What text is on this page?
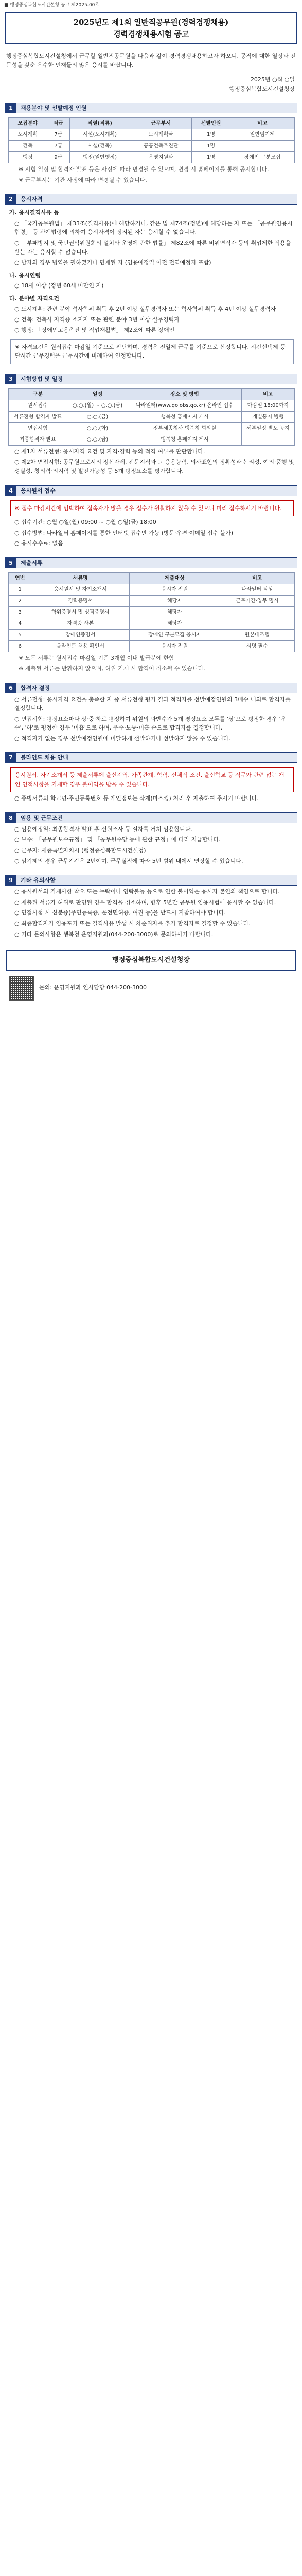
■ 행정중심복합도시건설청 공고 제2025-00호
2025년도 제1회 일반직공무원(경력경쟁채용)
경력경쟁채용시험 공고
행정중심복합도시건설청에서 근무할 일반직공무원을 다음과 같이 경력경쟁채용하고자 하오니, 공직에 대한 열정과 전문성을 갖춘 우수한 인재들의 많은 응시를 바랍니다.
2025년 ○월 ○일
행정중심복합도시건설청장
1	채용분야 및 선발예정 인원
모집분야	직급	직렬(직류)	근무부서	선발인원	비고
도시계획	7급	시설(도시계획)	도시계획국	1명	일반임기제
건축	7급	시설(건축)	공공건축추진단	1명	
행정	9급	행정(일반행정)	운영지원과	1명	장애인 구분모집
※ 시험 일정 및 합격자 발표 등은 사정에 따라 변경될 수 있으며, 변경 시 홈페이지를 통해 공지합니다.
※ 근무부서는 기관 사정에 따라 변경될 수 있습니다.
2	응시자격
가. 응시결격사유 등
○ 「국가공무원법」 제33조(결격사유)에 해당하거나, 같은 법 제74조(정년)에 해당하는 자 또는 「공무원임용시험령」 등 관계법령에 의하여 응시자격이 정지된 자는 응시할 수 없습니다.
○ 「부패방지 및 국민권익위원회의 설치와 운영에 관한 법률」 제82조에 따른 비위면직자 등의 취업제한 적용을 받는 자는 응시할 수 없습니다.
○ 남자의 경우 병역을 필하였거나 면제된 자 (임용예정일 이전 전역예정자 포함)
나. 응시연령
○ 18세 이상 (정년 60세 미만인 자)
다. 분야별 자격요건
○ 도시계획: 관련 분야 석사학위 취득 후 2년 이상 실무경력자 또는 학사학위 취득 후 4년 이상 실무경력자
○ 건축: 건축사 자격증 소지자 또는 관련 분야 3년 이상 실무경력자
○ 행정: 「장애인고용촉진 및 직업재활법」 제2조에 따른 장애인
※ 자격요건은 원서접수 마감일 기준으로 판단하며, 경력은 전일제 근무를 기준으로 산정합니다. 시간선택제 등 단시간 근무경력은 근무시간에 비례하여 인정합니다.
3	시험방법 및 일정
구분	일정	장소 및 방법	비고
원서접수	○.○.(월) ~ ○.○.(금)	나라일터(www.gojobs.go.kr) 온라인 접수	마감일 18:00까지
서류전형 합격자 발표	○.○.(금)	행복청 홈페이지 게시	개별통지 병행
면접시험	○.○.(화)	정부세종청사 행복청 회의실	세부일정 별도 공지
최종합격자 발표	○.○.(금)	행복청 홈페이지 게시	
○ 제1차 서류전형: 응시자격 요건 및 자격·경력 등의 적격 여부를 판단합니다.
○ 제2차 면접시험: 공무원으로서의 정신자세, 전문지식과 그 응용능력, 의사표현의 정확성과 논리성, 예의·품행 및 성실성, 창의력·의지력 및 발전가능성 등 5개 평정요소를 평가합니다.
4	응시원서 접수
※ 접수 마감시간에 임박하여 접속자가 많을 경우 접수가 원활하지 않을 수 있으니 미리 접수하시기 바랍니다.
○ 접수기간: ○월 ○일(월) 09:00 ~ ○월 ○일(금) 18:00
○ 접수방법: 나라일터 홈페이지를 통한 인터넷 접수만 가능 (방문·우편·이메일 접수 불가)
○ 응시수수료: 없음
5	제출서류
연번	서류명	제출대상	비고
1	응시원서 및 자기소개서	응시자 전원	나라일터 작성
2	경력증명서	해당자	근무기간·업무 명시
3	학위증명서 및 성적증명서	해당자	
4	자격증 사본	해당자	
5	장애인증명서	장애인 구분모집 응시자	원본대조필
6	블라인드 채용 확인서	응시자 전원	서명 필수
※ 모든 서류는 원서접수 마감일 기준 3개월 이내 발급분에 한함
※ 제출된 서류는 반환하지 않으며, 허위 기재 시 합격이 취소될 수 있습니다.
6	합격자 결정
○ 서류전형: 응시자격 요건을 충족한 자 중 서류전형 평가 결과 적격자를 선발예정인원의 3배수 내외로 합격자를 결정합니다.
○ 면접시험: 평정요소마다 상·중·하로 평정하여 위원의 과반수가 5개 평정요소 모두를 '상'으로 평정한 경우 '우수', '하'로 평정한 경우 '미흡'으로 하며, 우수·보통·미흡 순으로 합격자를 결정합니다.
○ 적격자가 없는 경우 선발예정인원에 미달하게 선발하거나 선발하지 않을 수 있습니다.
7	블라인드 채용 안내
응시원서, 자기소개서 등 제출서류에 출신지역, 가족관계, 학력, 신체적 조건, 출신학교 등 직무와 관련 없는 개인 인적사항을 기재할 경우 불이익을 받을 수 있습니다.
○ 증빙서류의 학교명·주민등록번호 등 개인정보는 삭제(마스킹) 처리 후 제출하여 주시기 바랍니다.
8	임용 및 근무조건
○ 임용예정일: 최종합격자 발표 후 신원조사 등 절차를 거쳐 임용합니다.
○ 보수: 「공무원보수규정」 및 「공무원수당 등에 관한 규정」에 따라 지급합니다.
○ 근무지: 세종특별자치시 (행정중심복합도시건설청)
○ 임기제의 경우 근무기간은 2년이며, 근무실적에 따라 5년 범위 내에서 연장할 수 있습니다.
9	기타 유의사항
○ 응시원서의 기재사항 착오 또는 누락이나 연락불능 등으로 인한 불이익은 응시자 본인의 책임으로 합니다.
○ 제출된 서류가 허위로 판명된 경우 합격을 취소하며, 향후 5년간 공무원 임용시험에 응시할 수 없습니다.
○ 면접시험 시 신분증(주민등록증, 운전면허증, 여권 등)을 반드시 지참하여야 합니다.
○ 최종합격자가 임용포기 또는 결격사유 발생 시 차순위자를 추가 합격자로 결정할 수 있습니다.
○ 기타 문의사항은 행복청 운영지원과(044-200-3000)로 문의하시기 바랍니다.
행정중심복합도시건설청장
문의: 운영지원과 인사담당 044-200-3000
